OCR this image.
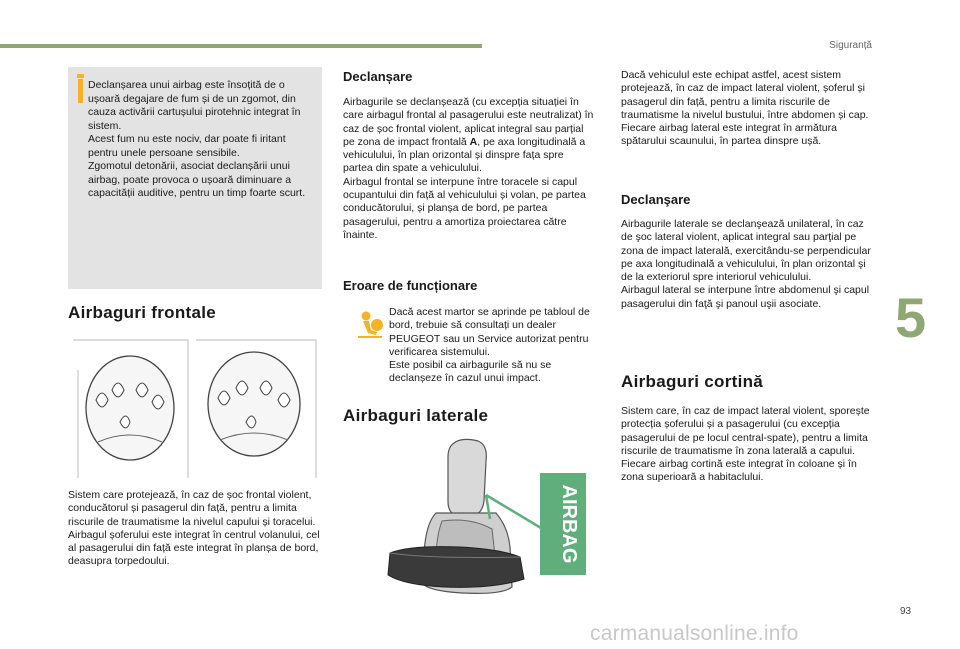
Siguranță
5
93

Declanșarea unui airbag este însoțită de o ușoară degajare de fum și de un zgomot, din cauza activării cartușului pirotehnic integrat în sistem.
Acest fum nu este nociv, dar poate fi iritant pentru unele persoane sensibile.
Zgomotul detonării, asociat declanșării unui airbag, poate provoca o ușoară diminuare a capacității auditive, pentru un timp foarte scurt.

Airbaguri frontale

Sistem care protejează, în caz de șoc frontal violent, conducătorul și pasagerul din față, pentru a limita riscurile de traumatisme la nivelul capului și toracelui.
Airbagul șoferului este integrat în centrul volanului, cel al pasagerului din față este integrat în planșa de bord, deasupra torpedoului.

Declanșare

Airbagurile se declanșează (cu excepția situației în care airbagul frontal al pasagerului este neutralizat) în caz de șoc frontal violent, aplicat integral sau parțial pe zona de impact frontală A, pe axa longitudinală a vehiculului, în plan orizontal și dinspre fața spre partea din spate a vehiculului.
Airbagul frontal se interpune între toracele si capul ocupantului din față al vehiculului și volan, pe partea conducătorului, și planșa de bord, pe partea pasagerului, pentru a amortiza proiectarea către înainte.

Eroare de funcționare

Dacă acest martor se aprinde pe tabloul de bord, trebuie să consultați un dealer PEUGEOT sau un Service autorizat pentru verificarea sistemului.
Este posibil ca airbagurile să nu se declanșeze în cazul unui impact.

Airbaguri laterale
AIRBAG

Dacă vehiculul este echipat astfel, acest sistem protejează, în caz de impact lateral violent, șoferul și pasagerul din față, pentru a limita riscurile de traumatisme la nivelul bustului, între abdomen și cap.
Fiecare airbag lateral este integrat în armătura spătarului scaunului, în partea dinspre ușă.

Declanşare

Airbagurile laterale se declanşează unilateral, în caz de şoc lateral violent, aplicat integral sau parţial pe zona de impact laterală, exercitându-se perpendicular pe axa longitudinală a vehiculului, în plan orizontal şi de la exteriorul spre interiorul vehiculului.
Airbagul lateral se interpune între abdomenul şi capul pasagerului din faţă şi panoul uşii asociate.

Airbaguri cortină

Sistem care, în caz de impact lateral violent, sporește protecția șoferului și a pasagerului (cu excepția pasagerului de pe locul central-spate), pentru a limita riscurile de traumatisme în zona laterală a capului.
Fiecare airbag cortină este integrat în coloane și în zona superioară a habitaclului.

carmanualsonline.info
